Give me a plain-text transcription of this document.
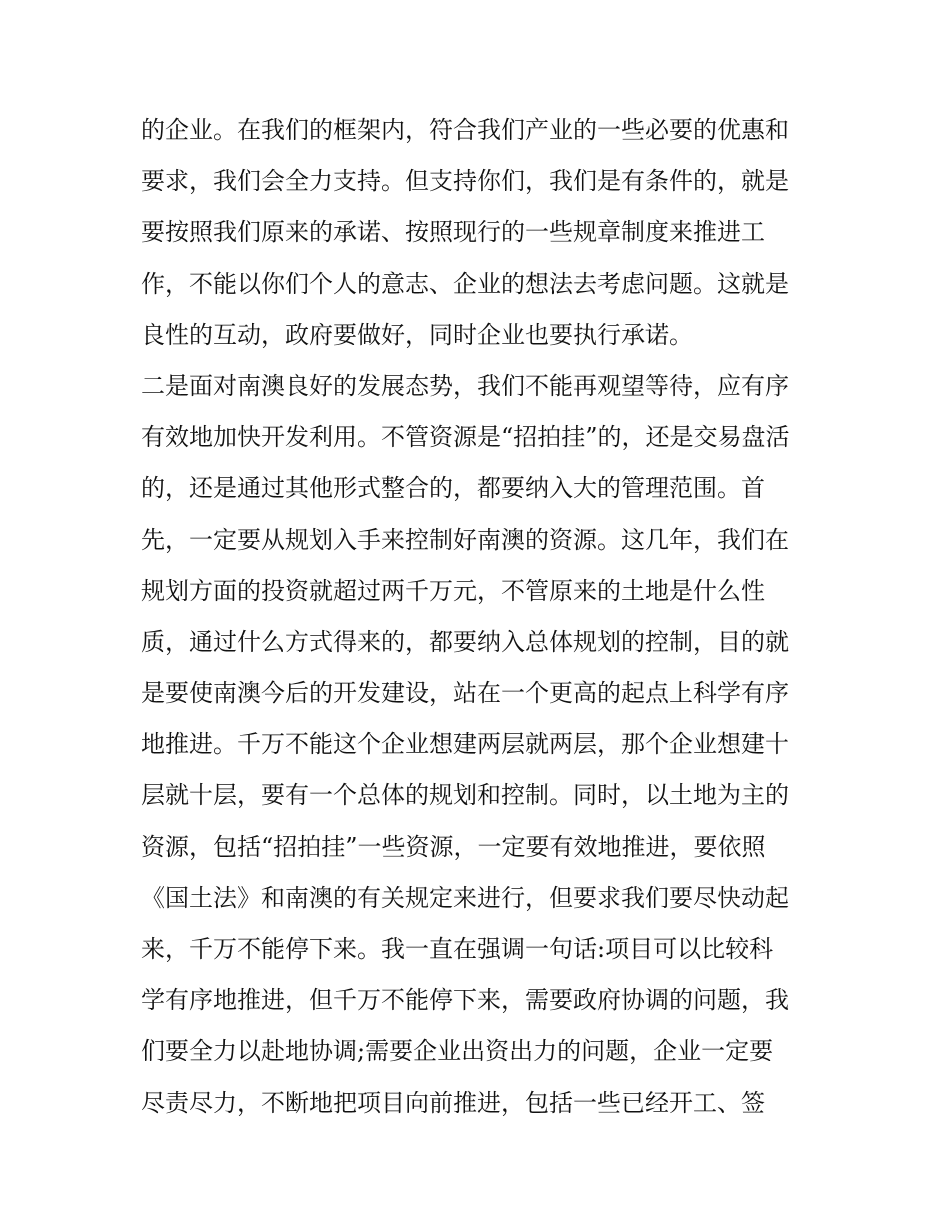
的企业。在我们的框架内，符合我们产业的一些必要的优惠和
要求，我们会全力支持。但支持你们，我们是有条件的，就是
要按照我们原来的承诺、按照现行的一些规章制度来推进工
作，不能以你们个人的意志、企业的想法去考虑问题。这就是
良性的互动，政府要做好，同时企业也要执行承诺。
二是面对南澳良好的发展态势，我们不能再观望等待，应有序
有效地加快开发利用。不管资源是“招拍挂”的，还是交易盘活
的，还是通过其他形式整合的，都要纳入大的管理范围。首
先，一定要从规划入手来控制好南澳的资源。这几年，我们在
规划方面的投资就超过两千万元，不管原来的土地是什么性
质，通过什么方式得来的，都要纳入总体规划的控制，目的就
是要使南澳今后的开发建设，站在一个更高的起点上科学有序
地推进。千万不能这个企业想建两层就两层，那个企业想建十
层就十层，要有一个总体的规划和控制。同时，以土地为主的
资源，包括“招拍挂”一些资源，一定要有效地推进，要依照
《国土法》和南澳的有关规定来进行，但要求我们要尽快动起
来，千万不能停下来。我一直在强调一句话:项目可以比较科
学有序地推进，但千万不能停下来，需要政府协调的问题，我
们要全力以赴地协调;需要企业出资出力的问题，企业一定要
尽责尽力，不断地把项目向前推进，包括一些已经开工、签
